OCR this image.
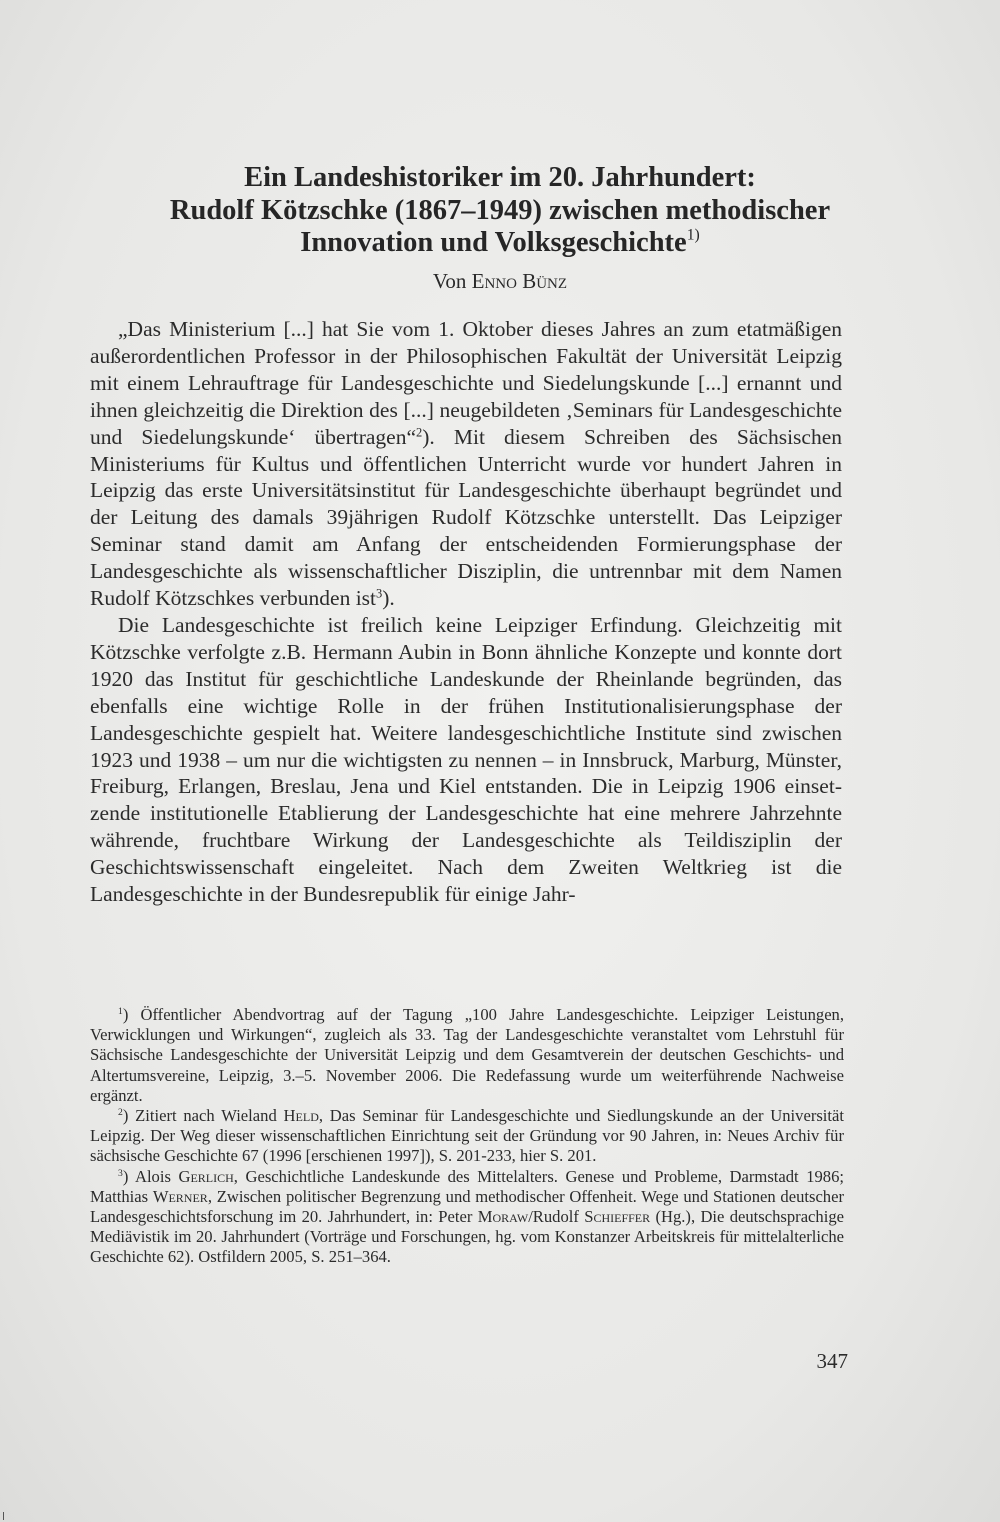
Ein Landeshistoriker im 20. Jahrhundert:
Rudolf Kötzschke (1867–1949) zwischen methodischer
Innovation und Volksgeschichte$^{1)}$
Von Enno Bünz

„Das Ministerium [...] hat Sie vom 1. Oktober dieses Jahres an zum etatmäßigen außerordentlichen Professor in der Philosophischen Fakultät der Universität Leipzig mit einem Lehrauftrage für Landesgeschichte und Siedelungskunde [...] ernannt und ihnen gleichzeitig die Direktion des [...] neugebildeten ‚Seminars für Landesgeschichte und Siedelungskunde‘ übertragen“$^2$). Mit diesem Schreiben des Sächsischen Ministeriums für Kultus und öffentlichen Unterricht wurde vor hundert Jahren in Leipzig das erste Universitätsinstitut für Landesgeschichte überhaupt begründet und der Leitung des damals 39jährigen Rudolf Kötzschke unterstellt. Das Leipziger Seminar stand damit am Anfang der entscheidenden Formierungsphase der Landesgeschichte als wissenschaftlicher Disziplin, die untrennbar mit dem Namen Rudolf Kötzschkes verbunden ist$^3$).

Die Landesgeschichte ist freilich keine Leipziger Erfindung. Gleichzeitig mit Kötzschke verfolgte z.B. Hermann Aubin in Bonn ähnliche Konzepte und konnte dort 1920 das Institut für geschichtliche Landeskunde der Rheinlande begründen, das ebenfalls eine wichtige Rolle in der frühen Institutionalisierungsphase der Landesgeschichte gespielt hat. Weitere landesgeschichtliche Institute sind zwischen 1923 und 1938 – um nur die wichtigsten zu nennen – in Innsbruck, Marburg, Münster, Freiburg, Erlangen, Breslau, Jena und Kiel entstanden. Die in Leipzig 1906 einsetzende institutionelle Etablierung der Landesgeschichte hat eine mehrere Jahrzehnte währende, fruchtbare Wirkung der Landesgeschichte als Teildisziplin der Geschichtswissenschaft eingeleitet. Nach dem Zweiten Weltkrieg ist die Landesgeschichte in der Bundesrepublik für einige Jahr-

$^1$) Öffentlicher Abendvortrag auf der Tagung „100 Jahre Landesgeschichte. Leipziger Leistungen, Verwicklungen und Wirkungen“, zugleich als 33. Tag der Landesgeschichte veranstaltet vom Lehrstuhl für Sächsische Landesgeschichte der Universität Leipzig und dem Gesamtverein der deutschen Geschichts- und Altertumsvereine, Leipzig, 3.–5. November 2006. Die Redefassung wurde um weiterführende Nachweise ergänzt.

$^2$) Zitiert nach Wieland Held, Das Seminar für Landesgeschichte und Siedlungskunde an der Universität Leipzig. Der Weg dieser wissenschaftlichen Einrichtung seit der Gründung vor 90 Jahren, in: Neues Archiv für sächsische Geschichte 67 (1996 [erschienen 1997]), S. 201-233, hier S. 201.

$^3$) Alois Gerlich, Geschichtliche Landeskunde des Mittelalters. Genese und Probleme, Darmstadt 1986; Matthias Werner, Zwischen politischer Begrenzung und methodischer Offenheit. Wege und Stationen deutscher Landesgeschichtsforschung im 20. Jahrhundert, in: Peter Moraw/Rudolf Schieffer (Hg.), Die deutschsprachige Mediävistik im 20. Jahrhundert (Vorträge und Forschungen, hg. vom Konstanzer Arbeitskreis für mittelalterliche Geschichte 62). Ostfildern 2005, S. 251–364.

347
